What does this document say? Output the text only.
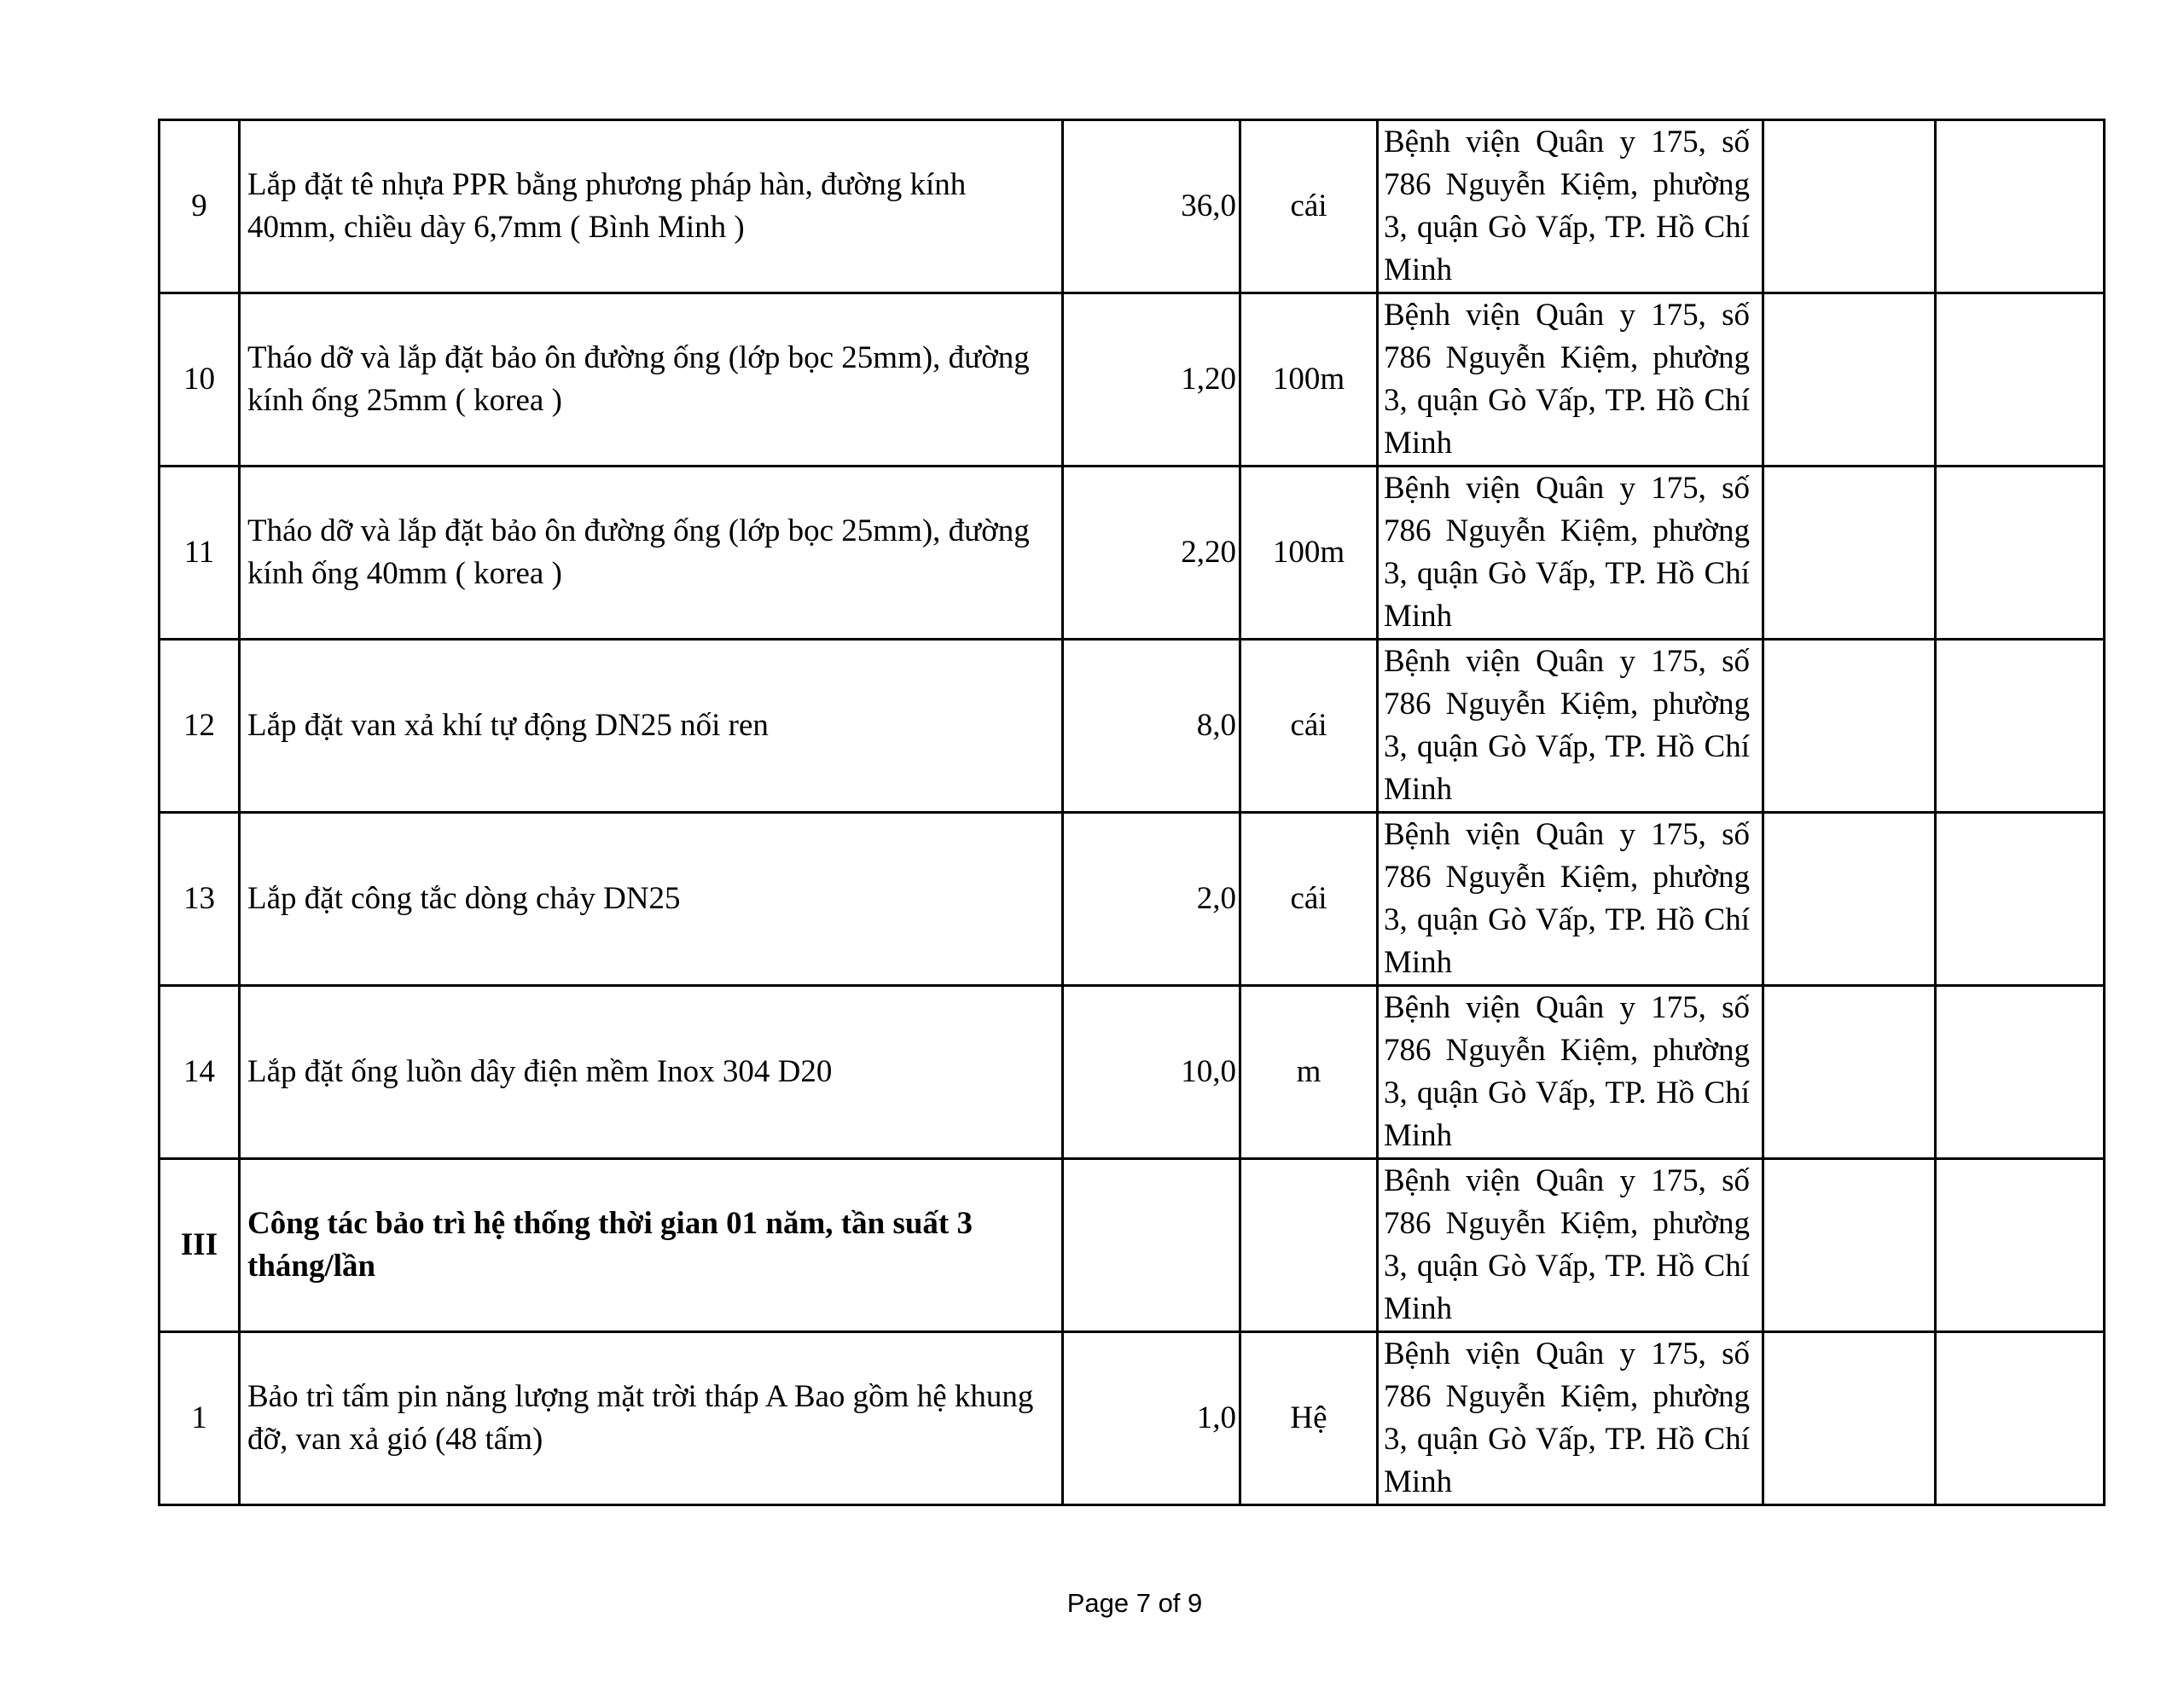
9	Lắp đặt tê nhựa PPR bằng phương pháp hàn, đường kính 40mm, chiều dày 6,7mm ( Bình Minh )	36,0	cái	Bệnh viện Quân y 175, số 786 Nguyễn Kiệm, phường 3, quận Gò Vấp, TP. Hồ Chí Minh		
10	Tháo dỡ và lắp đặt bảo ôn đường ống (lớp bọc 25mm), đường kính ống 25mm ( korea )	1,20	100m	Bệnh viện Quân y 175, số 786 Nguyễn Kiệm, phường 3, quận Gò Vấp, TP. Hồ Chí Minh		
11	Tháo dỡ và lắp đặt bảo ôn đường ống (lớp bọc 25mm), đường kính ống 40mm ( korea )	2,20	100m	Bệnh viện Quân y 175, số 786 Nguyễn Kiệm, phường 3, quận Gò Vấp, TP. Hồ Chí Minh		
12	Lắp đặt van xả khí tự động DN25 nối ren	8,0	cái	Bệnh viện Quân y 175, số 786 Nguyễn Kiệm, phường 3, quận Gò Vấp, TP. Hồ Chí Minh		
13	Lắp đặt công tắc dòng chảy DN25	2,0	cái	Bệnh viện Quân y 175, số 786 Nguyễn Kiệm, phường 3, quận Gò Vấp, TP. Hồ Chí Minh		
14	Lắp đặt ống luồn dây điện mềm Inox 304 D20	10,0	m	Bệnh viện Quân y 175, số 786 Nguyễn Kiệm, phường 3, quận Gò Vấp, TP. Hồ Chí Minh		
III	Công tác bảo trì hệ thống thời gian 01 năm, tần suất 3 tháng/lần			Bệnh viện Quân y 175, số 786 Nguyễn Kiệm, phường 3, quận Gò Vấp, TP. Hồ Chí Minh		
1	Bảo trì tấm pin năng lượng mặt trời tháp A Bao gồm hệ khung đỡ, van xả gió (48 tấm)	1,0	Hệ	Bệnh viện Quân y 175, số 786 Nguyễn Kiệm, phường 3, quận Gò Vấp, TP. Hồ Chí Minh		
Page 7 of 9
